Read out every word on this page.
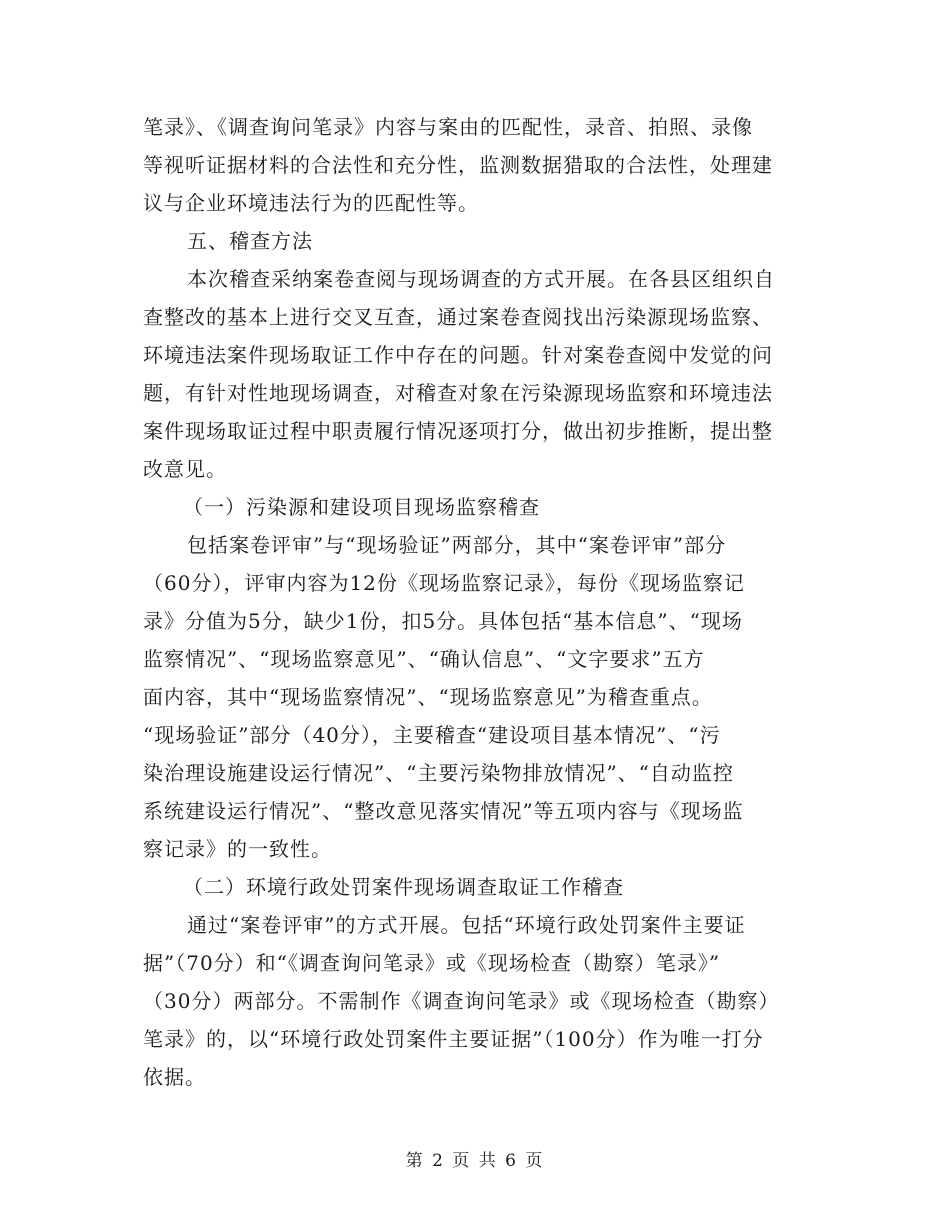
笔录》、《调查询问笔录》内容与案由的匹配性，录音、拍照、录像
等视听证据材料的合法性和充分性，监测数据猎取的合法性，处理建
议与企业环境违法行为的匹配性等。
五、稽查方法
本次稽查采纳案卷查阅与现场调查的方式开展。在各县区组织自
查整改的基本上进行交叉互查，通过案卷查阅找出污染源现场监察、
环境违法案件现场取证工作中存在的问题。针对案卷查阅中发觉的问
题，有针对性地现场调查，对稽查对象在污染源现场监察和环境违法
案件现场取证过程中职责履行情况逐项打分，做出初步推断，提出整
改意见。
（一）污染源和建设项目现场监察稽查
包括案卷评审”与“现场验证”两部分，其中“案卷评审”部分
（60分），评审内容为12份《现场监察记录》，每份《现场监察记
录》分值为5分，缺少1份，扣5分。具体包括“基本信息”、“现场
监察情况”、“现场监察意见”、“确认信息”、“文字要求”五方
面内容，其中“现场监察情况”、“现场监察意见”为稽查重点。
“现场验证”部分（40分），主要稽查“建设项目基本情况”、“污
染治理设施建设运行情况”、“主要污染物排放情况”、“自动监控
系统建设运行情况”、“整改意见落实情况”等五项内容与《现场监
察记录》的一致性。
（二）环境行政处罚案件现场调查取证工作稽查
通过“案卷评审”的方式开展。包括“环境行政处罚案件主要证
据”（70分）和“《调查询问笔录》或《现场检查（勘察）笔录》”
（30分）两部分。不需制作《调查询问笔录》或《现场检查（勘察）
笔录》的，以“环境行政处罚案件主要证据”（100分）作为唯一打分
依据。
第 2 页 共 6 页
